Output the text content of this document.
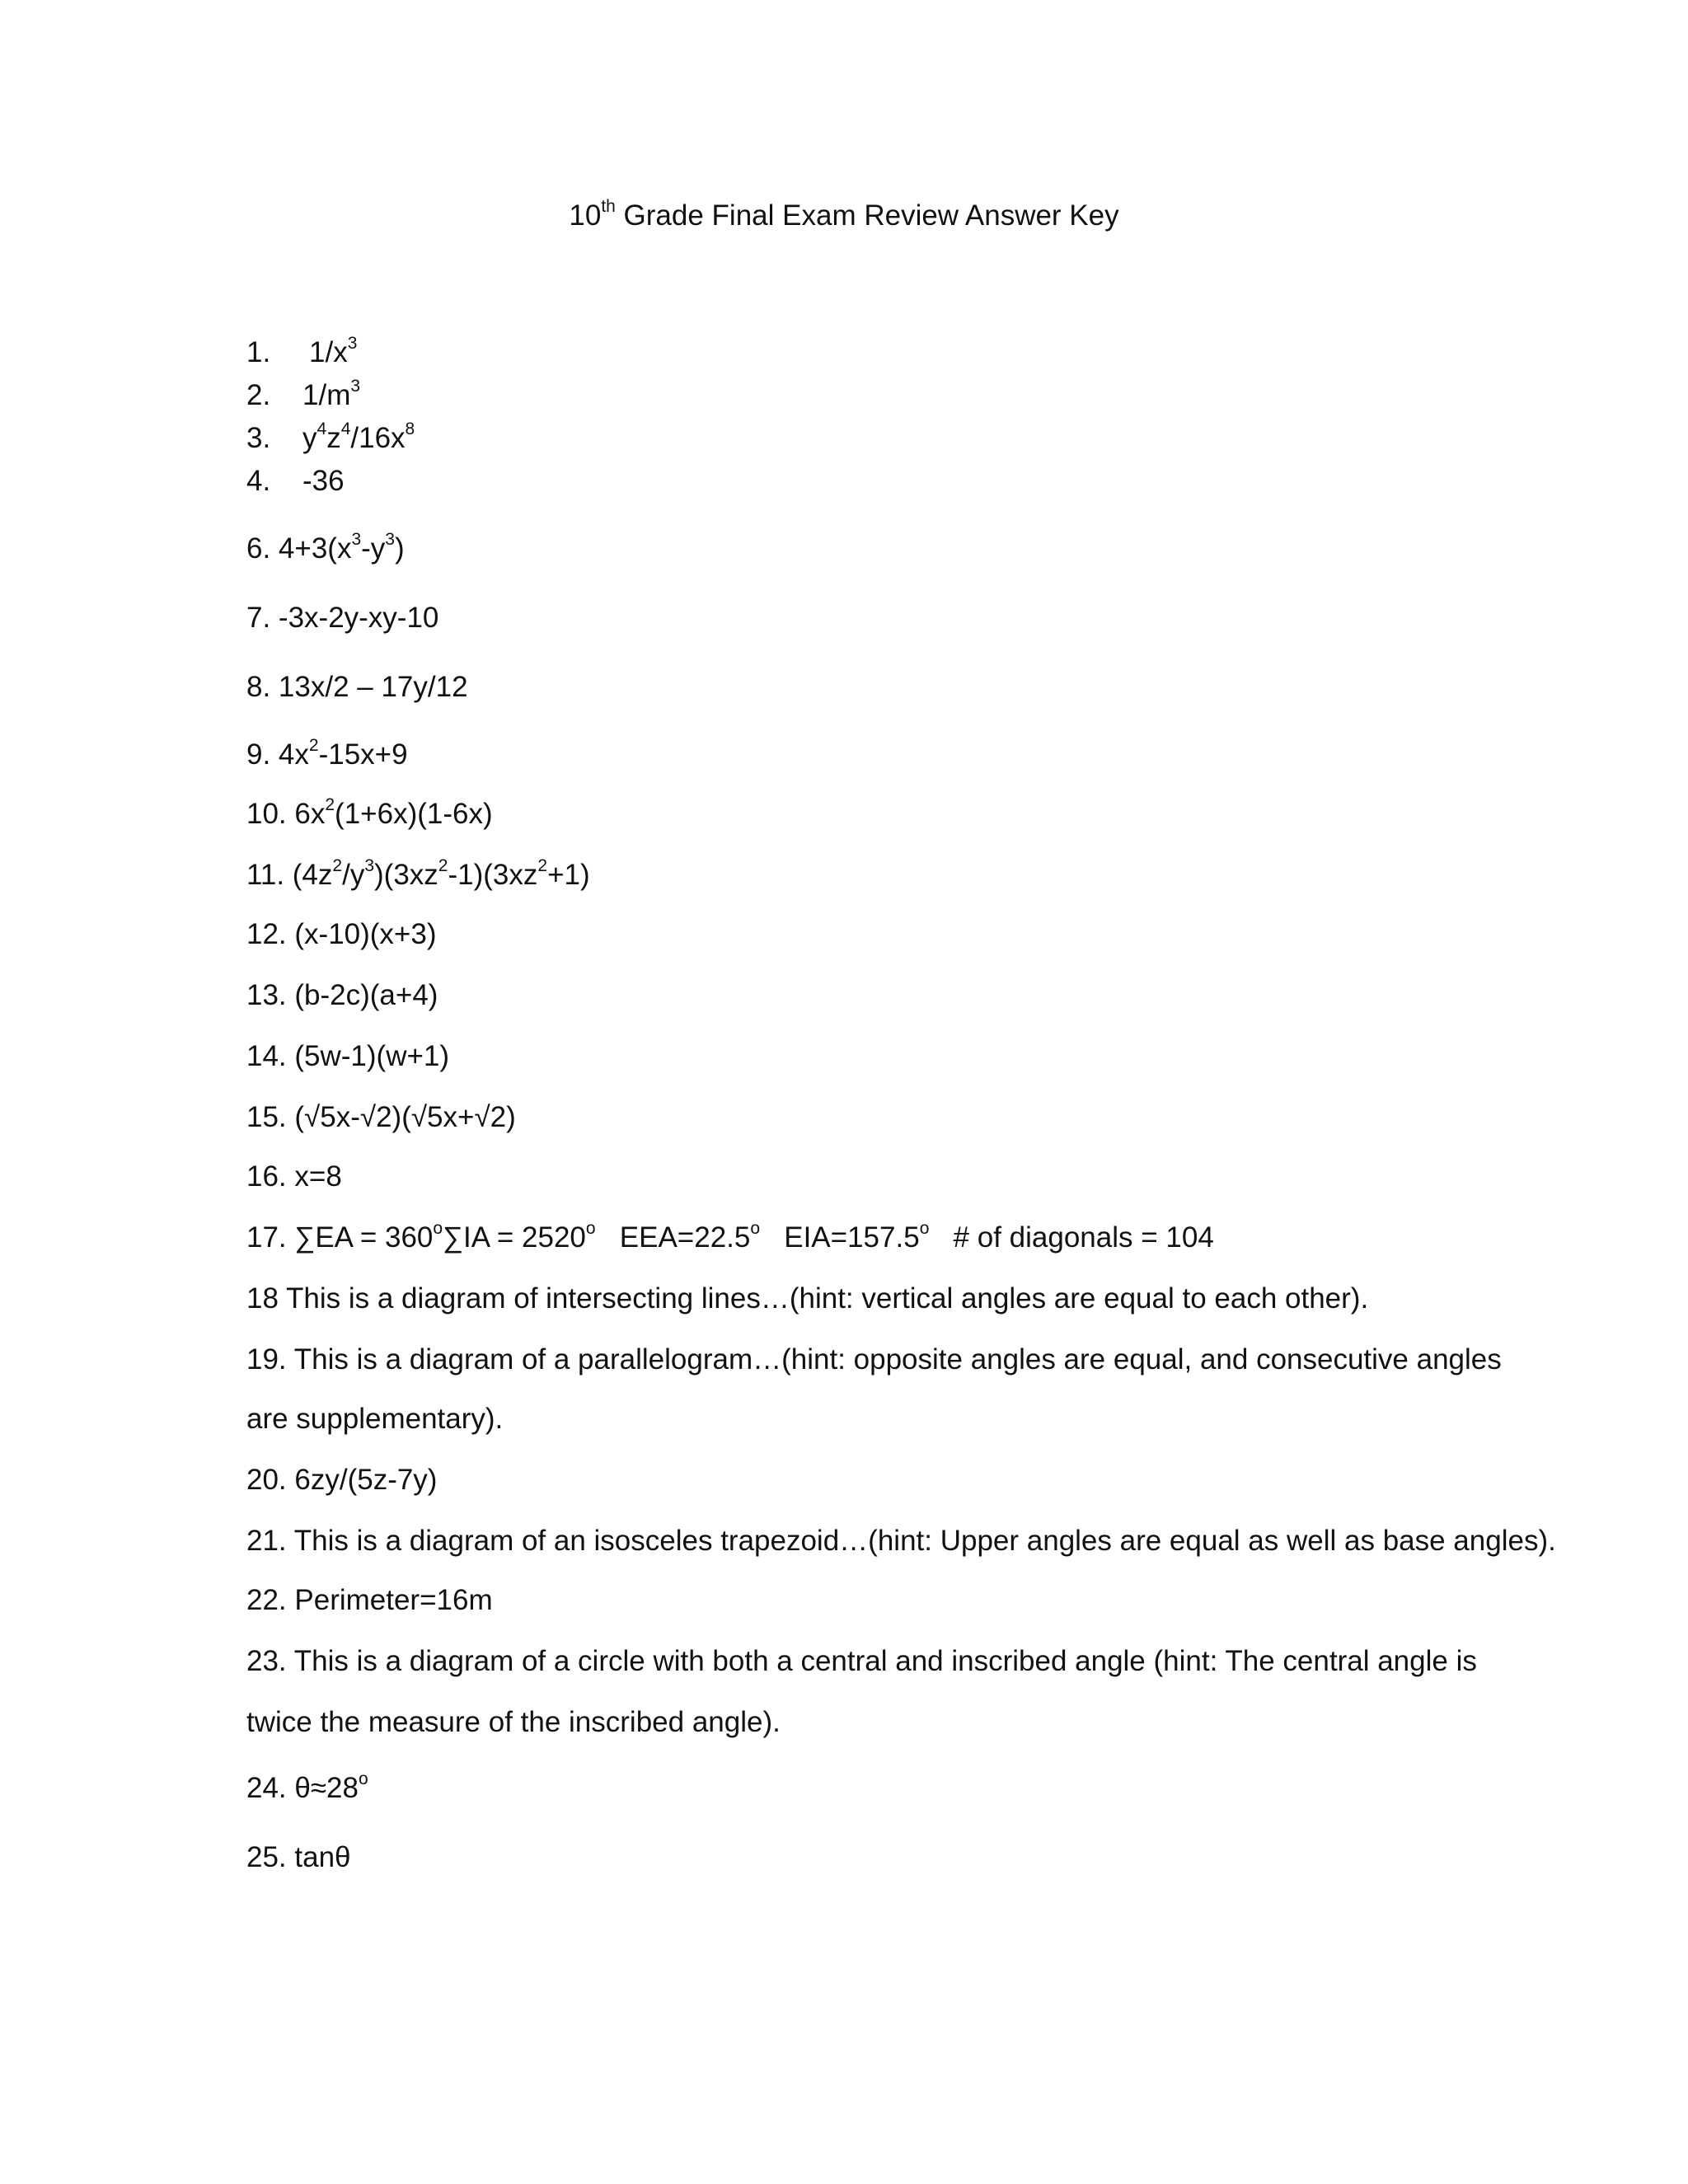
10th Grade Final Exam Review Answer Key
1. $1/x^3$
2. $1/m^3$
3. $y^4z^4/16x^8$
4. -36
6. $4+3(x^3-y^3)$
7. -3x-2y-xy-10
8. 13x/2 – 17y/12
9. $4x^2-15x+9$
10. $6x^2(1+6x)(1-6x)$
11. $(4z^2/y^3)(3xz^2-1)(3xz^2+1)$
12. (x-10)(x+3)
13. (b-2c)(a+4)
14. (5w-1)(w+1)
15. (√5x-√2)(√5x+√2)
16. x=8
17. $\sum EA = 360^o\sum IA = 2520^o$   $EEA=22.5^o$   $EIA=157.5^o$   # of diagonals = 104
18 This is a diagram of intersecting lines…(hint: vertical angles are equal to each other).
19. This is a diagram of a parallelogram…(hint: opposite angles are equal, and consecutive angles
are supplementary).
20. 6zy/(5z-7y)
21. This is a diagram of an isosceles trapezoid…(hint: Upper angles are equal as well as base angles).
22. Perimeter=16m
23. This is a diagram of a circle with both a central and inscribed angle (hint: The central angle is
twice the measure of the inscribed angle).
24. $\theta\approx 28^o$
25. tanθ
